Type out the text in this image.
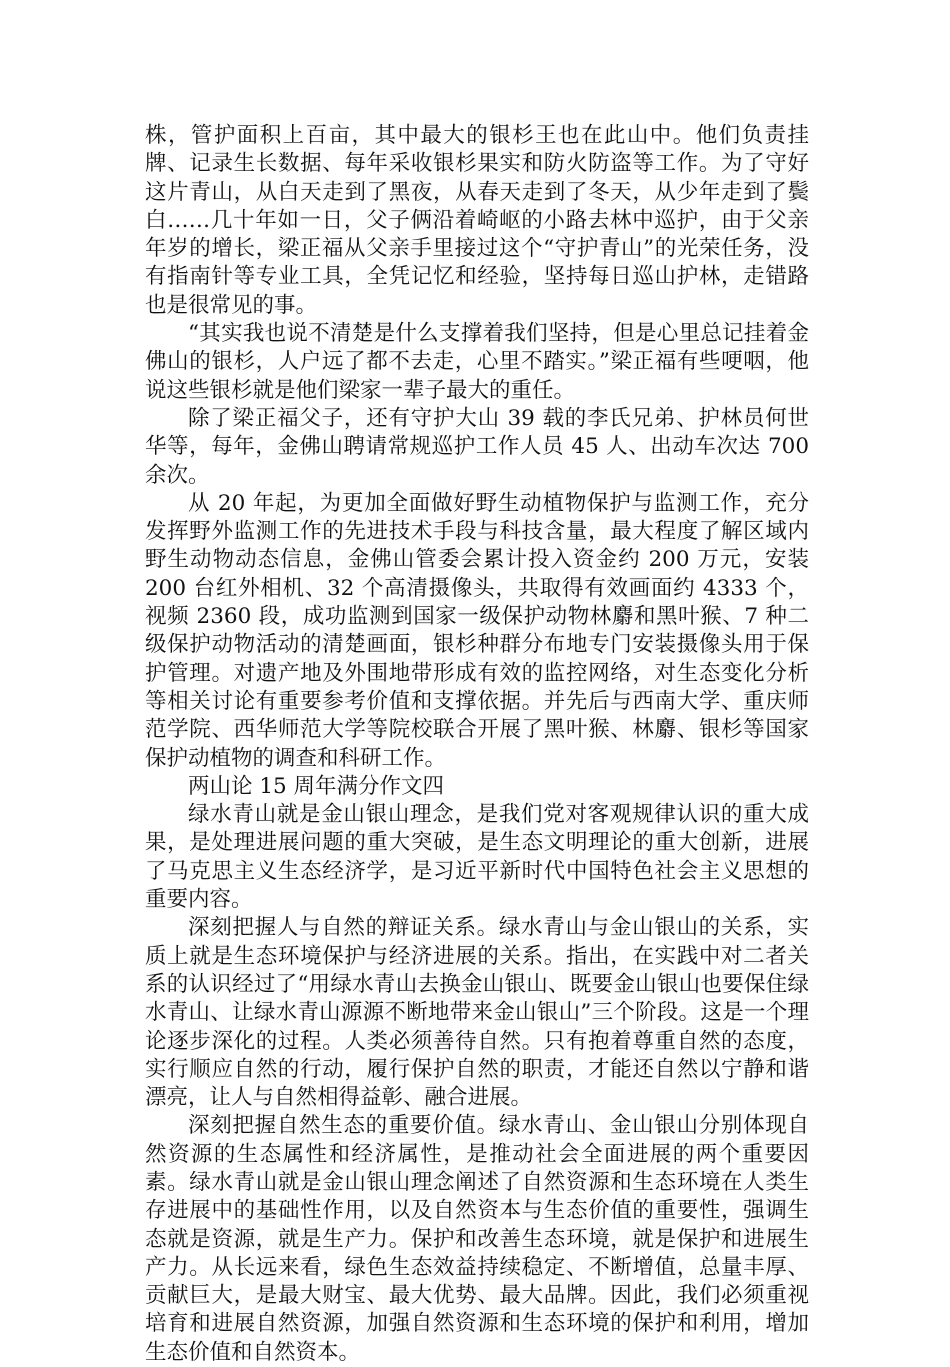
株，管护面积上百亩，其中最大的银杉王也在此山中。他们负责挂牌、记录生长数据、每年采收银杉果实和防火防盗等工作。为了守好这片青山，从白天走到了黑夜，从春天走到了冬天，从少年走到了鬓白……几十年如一日，父子俩沿着崎岖的小路去林中巡护，由于父亲年岁的增长，梁正福从父亲手里接过这个“守护青山”的光荣任务，没有指南针等专业工具，全凭记忆和经验，坚持每日巡山护林，走错路也是很常见的事。

“其实我也说不清楚是什么支撑着我们坚持，但是心里总记挂着金佛山的银杉，人户远了都不去走，心里不踏实。”梁正福有些哽咽，他说这些银杉就是他们梁家一辈子最大的重任。

除了梁正福父子，还有守护大山 39 载的李氏兄弟、护林员何世华等，每年，金佛山聘请常规巡护工作人员 45 人、出动车次达 700 余次。

从 20 年起，为更加全面做好野生动植物保护与监测工作，充分发挥野外监测工作的先进技术手段与科技含量，最大程度了解区域内野生动物动态信息，金佛山管委会累计投入资金约 200 万元，安装 200 台红外相机、32 个高清摄像头，共取得有效画面约 4333 个，视频 2360 段，成功监测到国家一级保护动物林麝和黑叶猴、7 种二级保护动物活动的清楚画面，银杉种群分布地专门安装摄像头用于保护管理。对遗产地及外围地带形成有效的监控网络，对生态变化分析等相关讨论有重要参考价值和支撑依据。并先后与西南大学、重庆师范学院、西华师范大学等院校联合开展了黑叶猴、林麝、银杉等国家保护动植物的调查和科研工作。

两山论 15 周年满分作文四

绿水青山就是金山银山理念，是我们党对客观规律认识的重大成果，是处理进展问题的重大突破，是生态文明理论的重大创新，进展了马克思主义生态经济学，是习近平新时代中国特色社会主义思想的重要内容。

深刻把握人与自然的辩证关系。绿水青山与金山银山的关系，实质上就是生态环境保护与经济进展的关系。指出，在实践中对二者关系的认识经过了“用绿水青山去换金山银山、既要金山银山也要保住绿水青山、让绿水青山源源不断地带来金山银山”三个阶段。这是一个理论逐步深化的过程。人类必须善待自然。只有抱着尊重自然的态度，实行顺应自然的行动，履行保护自然的职责，才能还自然以宁静和谐漂亮，让人与自然相得益彰、融合进展。

深刻把握自然生态的重要价值。绿水青山、金山银山分别体现自然资源的生态属性和经济属性，是推动社会全面进展的两个重要因素。绿水青山就是金山银山理念阐述了自然资源和生态环境在人类生存进展中的基础性作用，以及自然资本与生态价值的重要性，强调生态就是资源，就是生产力。保护和改善生态环境，就是保护和进展生产力。从长远来看，绿色生态效益持续稳定、不断增值，总量丰厚、贡献巨大，是最大财宝、最大优势、最大品牌。因此，我们必须重视培育和进展自然资源，加强自然资源和生态环境的保护和利用，增加生态价值和自然资本。
